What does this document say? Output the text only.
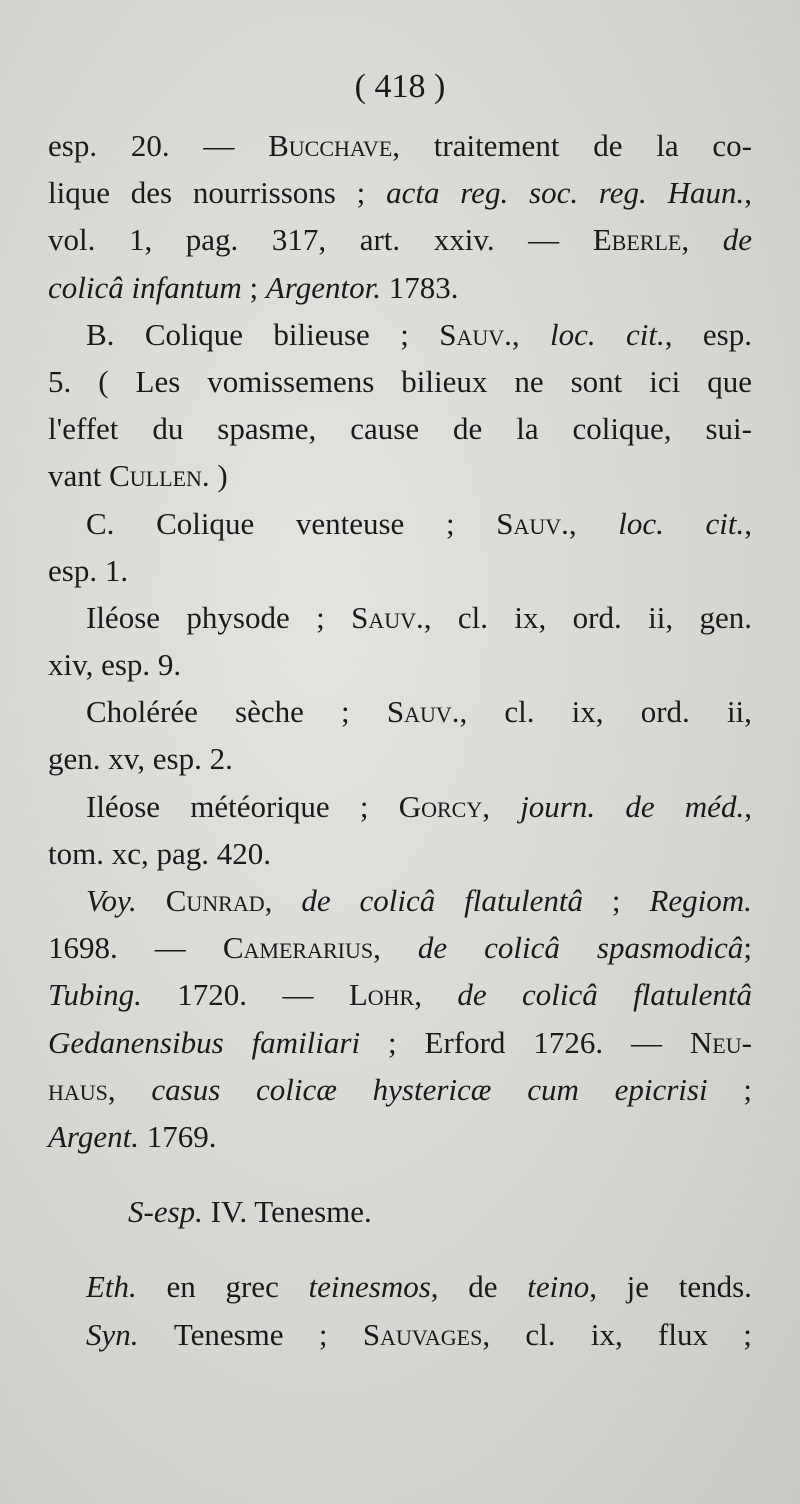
( 418 )
esp. 20. — Bucchave, traitement de la co-
lique des nourrissons ; acta reg. soc. reg. Haun.,
vol. 1, pag. 317, art. xxiv. — Eberle, de
colicâ infantum ; Argentor. 1783.
B. Colique bilieuse ; Sauv., loc. cit., esp.
5. ( Les vomissemens bilieux ne sont ici que
l'effet du spasme, cause de la colique, sui-
vant Cullen. )
C. Colique venteuse ; Sauv., loc. cit.,
esp. 1.
Iléose physode ; Sauv., cl. ix, ord. ii, gen.
xiv, esp. 9.
Cholérée sèche ; Sauv., cl. ix, ord. ii,
gen. xv, esp. 2.
Iléose météorique ; Gorcy, journ. de méd.,
tom. xc, pag. 420.
Voy. Cunrad, de colicâ flatulentâ ; Regiom.
1698. — Camerarius, de colicâ spasmodicâ;
Tubing. 1720. — Lohr, de colicâ flatulentâ
Gedanensibus familiari ; Erford 1726. — Neu-
haus, casus colicæ hystericæ cum epicrisi ;
Argent. 1769.
S-esp. IV. Tenesme.
Eth. en grec teinesmos, de teino, je tends.
Syn. Tenesme ; Sauvages, cl. ix, flux ;
